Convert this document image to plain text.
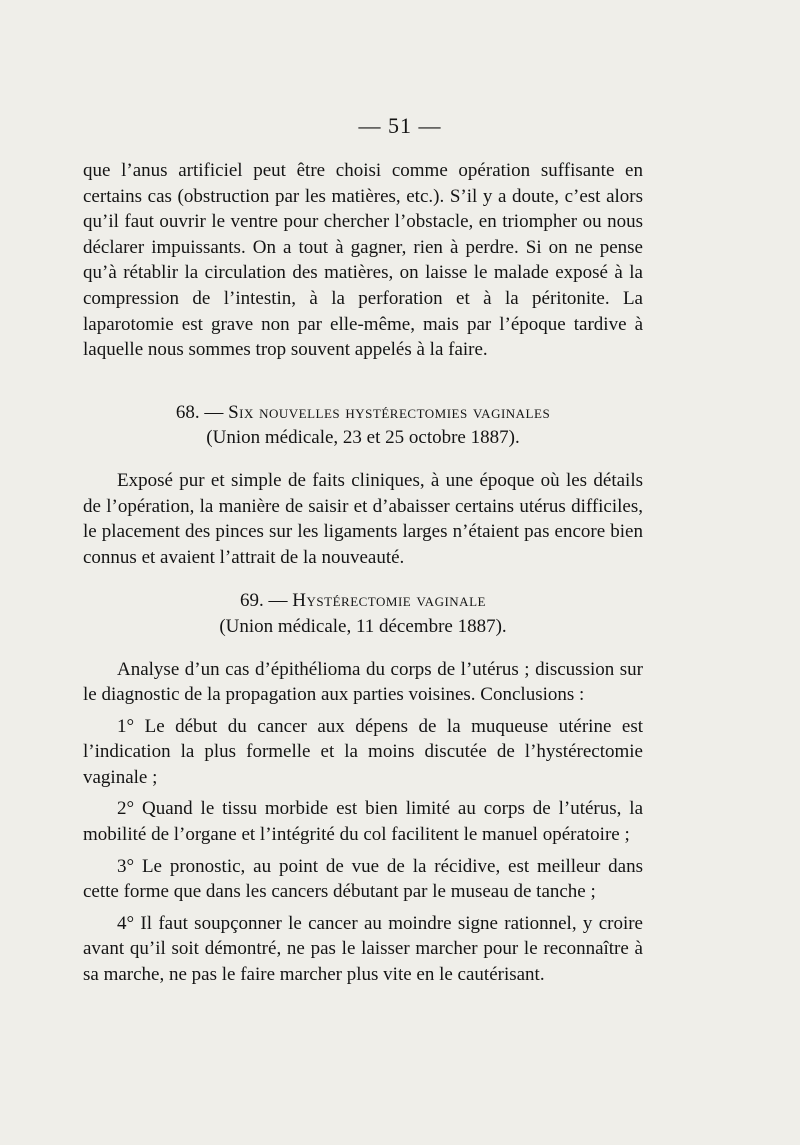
— 51 —

que l’anus artificiel peut être choisi comme opération suffisante en certains cas (obstruction par les matières, etc.). S’il y a doute, c’est alors qu’il faut ouvrir le ventre pour chercher l’obstacle, en triompher ou nous déclarer impuissants. On a tout à gagner, rien à perdre. Si on ne pense qu’à rétablir la circulation des matières, on laisse le malade exposé à la compression de l’intestin, à la perforation et à la péritonite. La laparotomie est grave non par elle-même, mais par l’époque tardive à laquelle nous sommes trop souvent appelés à la faire.

68. — Six nouvelles hystérectomies vaginales
(Union médicale, 23 et 25 octobre 1887).

Exposé pur et simple de faits cliniques, à une époque où les détails de l’opération, la manière de saisir et d’abaisser certains utérus difficiles, le placement des pinces sur les ligaments larges n’étaient pas encore bien connus et avaient l’attrait de la nouveauté.

69. — Hystérectomie vaginale
(Union médicale, 11 décembre 1887).

Analyse d’un cas d’épithélioma du corps de l’utérus ; discussion sur le diagnostic de la propagation aux parties voisines. Conclusions :

1° Le début du cancer aux dépens de la muqueuse utérine est l’indication la plus formelle et la moins discutée de l’hystérectomie vaginale ;

2° Quand le tissu morbide est bien limité au corps de l’utérus, la mobilité de l’organe et l’intégrité du col facilitent le manuel opératoire ;

3° Le pronostic, au point de vue de la récidive, est meilleur dans cette forme que dans les cancers débutant par le museau de tanche ;

4° Il faut soupçonner le cancer au moindre signe rationnel, y croire avant qu’il soit démontré, ne pas le laisser marcher pour le reconnaître à sa marche, ne pas le faire marcher plus vite en le cautérisant.
